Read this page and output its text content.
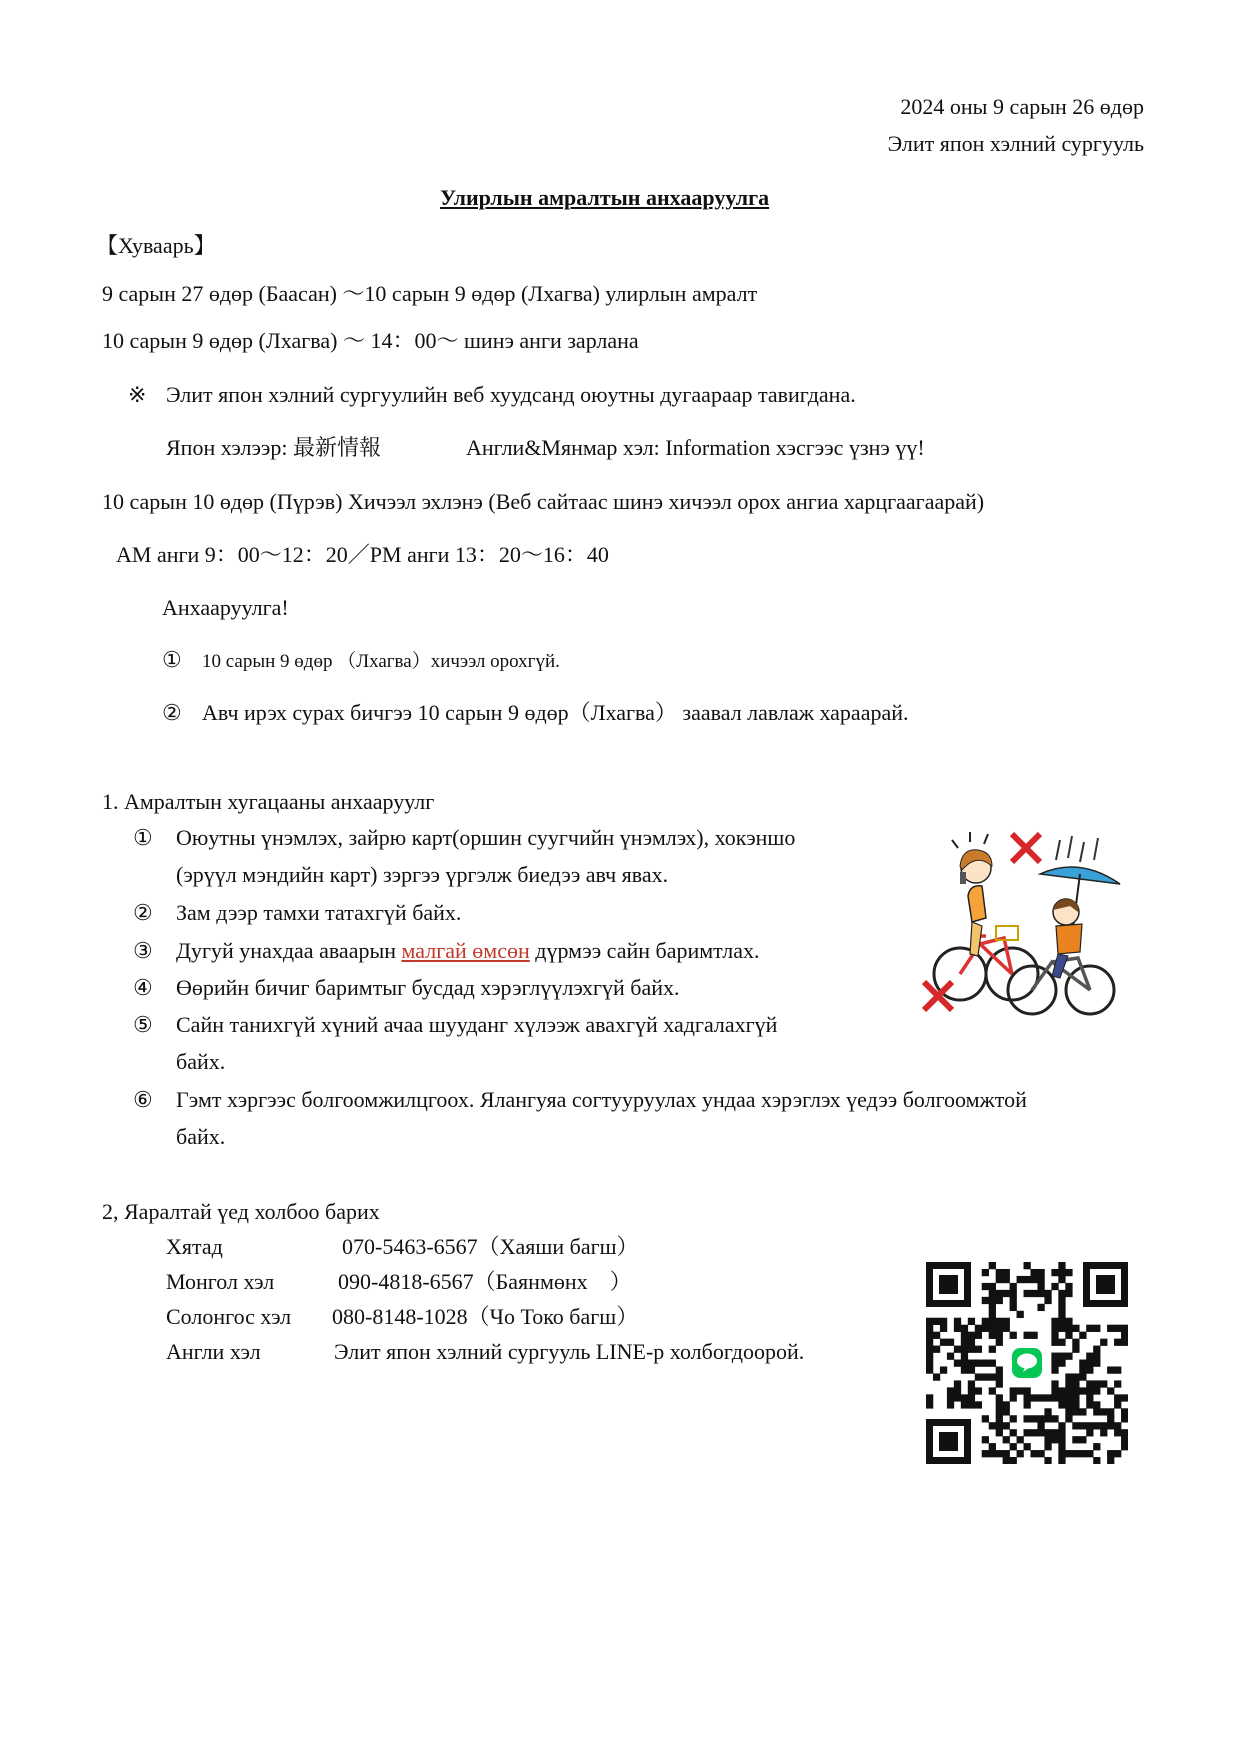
2024 оны 9 сарын 26 өдөр
Элит япон хэлний сургууль
Улирлын амралтын анхааруулга
【Хуваарь】
9 сарын 27 өдөр (Баасан) ～10 сарын 9 өдөр (Лхагва) улирлын амралт
10 сарын 9 өдөр (Лхагва) ～ 14：00～ шинэ анги зарлана
※ Элит япон хэлний сургуулийн веб хуудсанд оюутны дугаараар тавигдана.
Япон хэлээр: 最新情報	Англи&Мянмар хэл: Information хэсгээс үзнэ үү!
10 сарын 10 өдөр (Пүрэв) Хичээл эхлэнэ (Веб сайтаас шинэ хичээл орох ангиа харцгаагаарай)
AM анги 9：00～12：20／PM анги 13：20～16：40
Анхааруулга!
① 10 сарын 9 өдөр （Лхагва）хичээл орохгүй.
② Авч ирэх сурах бичгээ 10 сарын 9 өдөр（Лхагва） заавал лавлаж хараарай.
1. Амралтын хугацааны анхааруулг
① Оюутны үнэмлэх, зайрю карт(оршин суугчийн үнэмлэх), хокэншо
(эрүүл мэндийн карт) зэргээ үргэлж биедээ авч явах.
② Зам дээр тамхи татахгүй байх.
③ Дугуй унахдаа аваарын малгай өмсөн дүрмээ сайн баримтлах.
④ Өөрийн бичиг баримтыг бусдад хэрэглүүлэхгүй байх.
⑤ Сайн танихгүй хүний ачаа шууданг хүлээж авахгүй хадгалахгүй
байх.
⑥ Гэмт хэргээс болгоомжилцгоох. Ялангуяа согтууруулах ундаа хэрэглэх үедээ болгоомжтой
байх.
2, Яаралтай үед холбоо барих
Хятад	070-5463-6567（Хаяши багш）
Монгол хэл	090-4818-6567（Баянмөнх　）
Солонгос хэл 080-8148-1028（Чо Токо багш）
Англи хэл	Элит япон хэлний сургууль LINE-р холбогдоорой.
